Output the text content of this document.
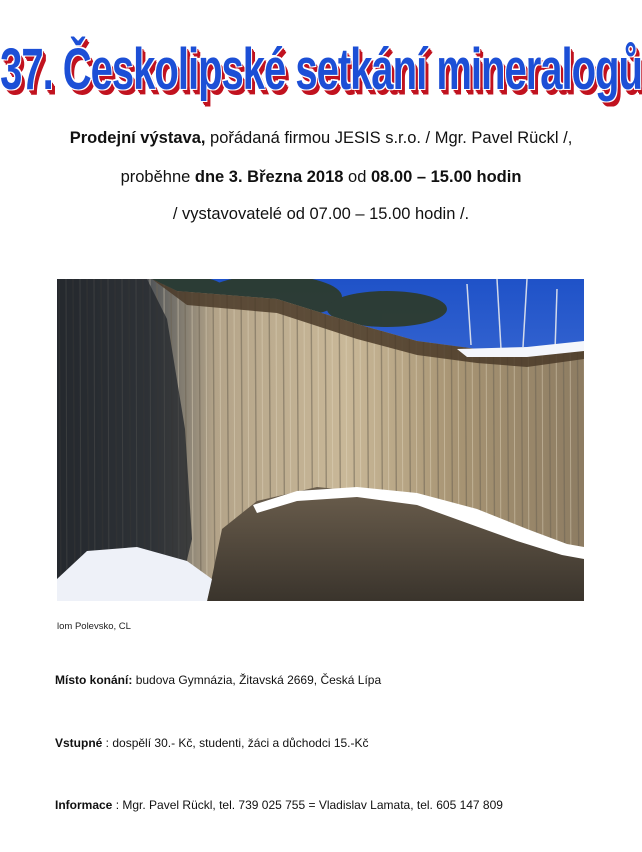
37. Českolipské setkání mineralogů
Prodejní výstava, pořádaná firmou JESIS s.r.o. / Mgr. Pavel Rückl /,
proběhne dne 3. Března 2018 od 08.00 – 15.00 hodin
/ vystavovatelé od 07.00 – 15.00 hodin /.
lom Polevsko, CL
Místo konání: budova Gymnázia, Žitavská 2669, Česká Lípa
Vstupné : dospělí 30.- Kč, studenti, žáci a důchodci 15.-Kč
Informace : Mgr. Pavel Rückl, tel. 739 025 755 = Vladislav Lamata, tel. 605 147 809
